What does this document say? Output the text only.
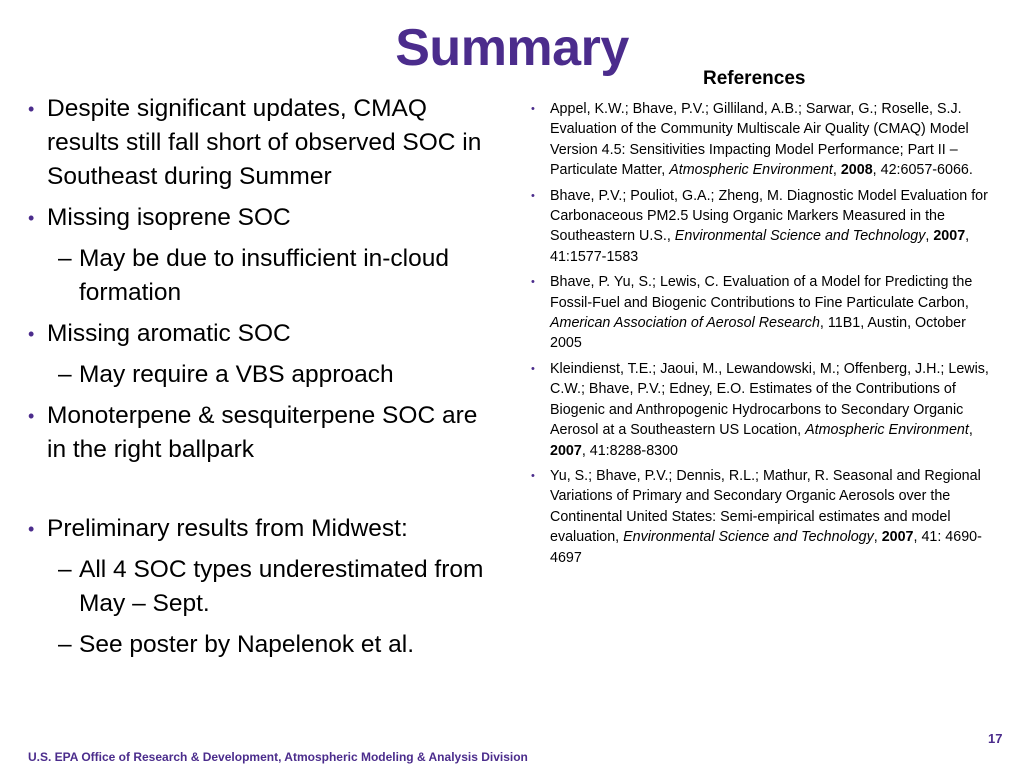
Summary
• Despite significant updates, CMAQ results still fall short of observed SOC in Southeast during Summer
• Missing isoprene SOC
– May be due to insufficient in-cloud formation
• Missing aromatic SOC
– May require a VBS approach
• Monoterpene & sesquiterpene SOC are in the right ballpark
• Preliminary results from Midwest:
– All 4 SOC types underestimated from May – Sept.
– See poster by Napelenok et al.
References
• Appel, K.W.; Bhave, P.V.; Gilliland, A.B.; Sarwar, G.; Roselle, S.J. Evaluation of the Community Multiscale Air Quality (CMAQ) Model Version 4.5: Sensitivities Impacting Model Performance; Part II – Particulate Matter, Atmospheric Environment, 2008, 42:6057-6066.
• Bhave, P.V.; Pouliot, G.A.; Zheng, M. Diagnostic Model Evaluation for Carbonaceous PM2.5 Using Organic Markers Measured in the Southeastern U.S., Environmental Science and Technology, 2007, 41:1577-1583
• Bhave, P. Yu, S.; Lewis, C. Evaluation of a Model for Predicting the Fossil-Fuel and Biogenic Contributions to Fine Particulate Carbon, American Association of Aerosol Research, 11B1, Austin, October 2005
• Kleindienst, T.E.; Jaoui, M., Lewandowski, M.; Offenberg, J.H.; Lewis, C.W.; Bhave, P.V.; Edney, E.O. Estimates of the Contributions of Biogenic and Anthropogenic Hydrocarbons to Secondary Organic Aerosol at a Southeastern US Location, Atmospheric Environment, 2007, 41:8288-8300
• Yu, S.; Bhave, P.V.; Dennis, R.L.; Mathur, R. Seasonal and Regional Variations of Primary and Secondary Organic Aerosols over the Continental United States: Semi-empirical estimates and model evaluation, Environmental Science and Technology, 2007, 41: 4690-4697
17
U.S. EPA Office of Research & Development, Atmospheric Modeling & Analysis Division
